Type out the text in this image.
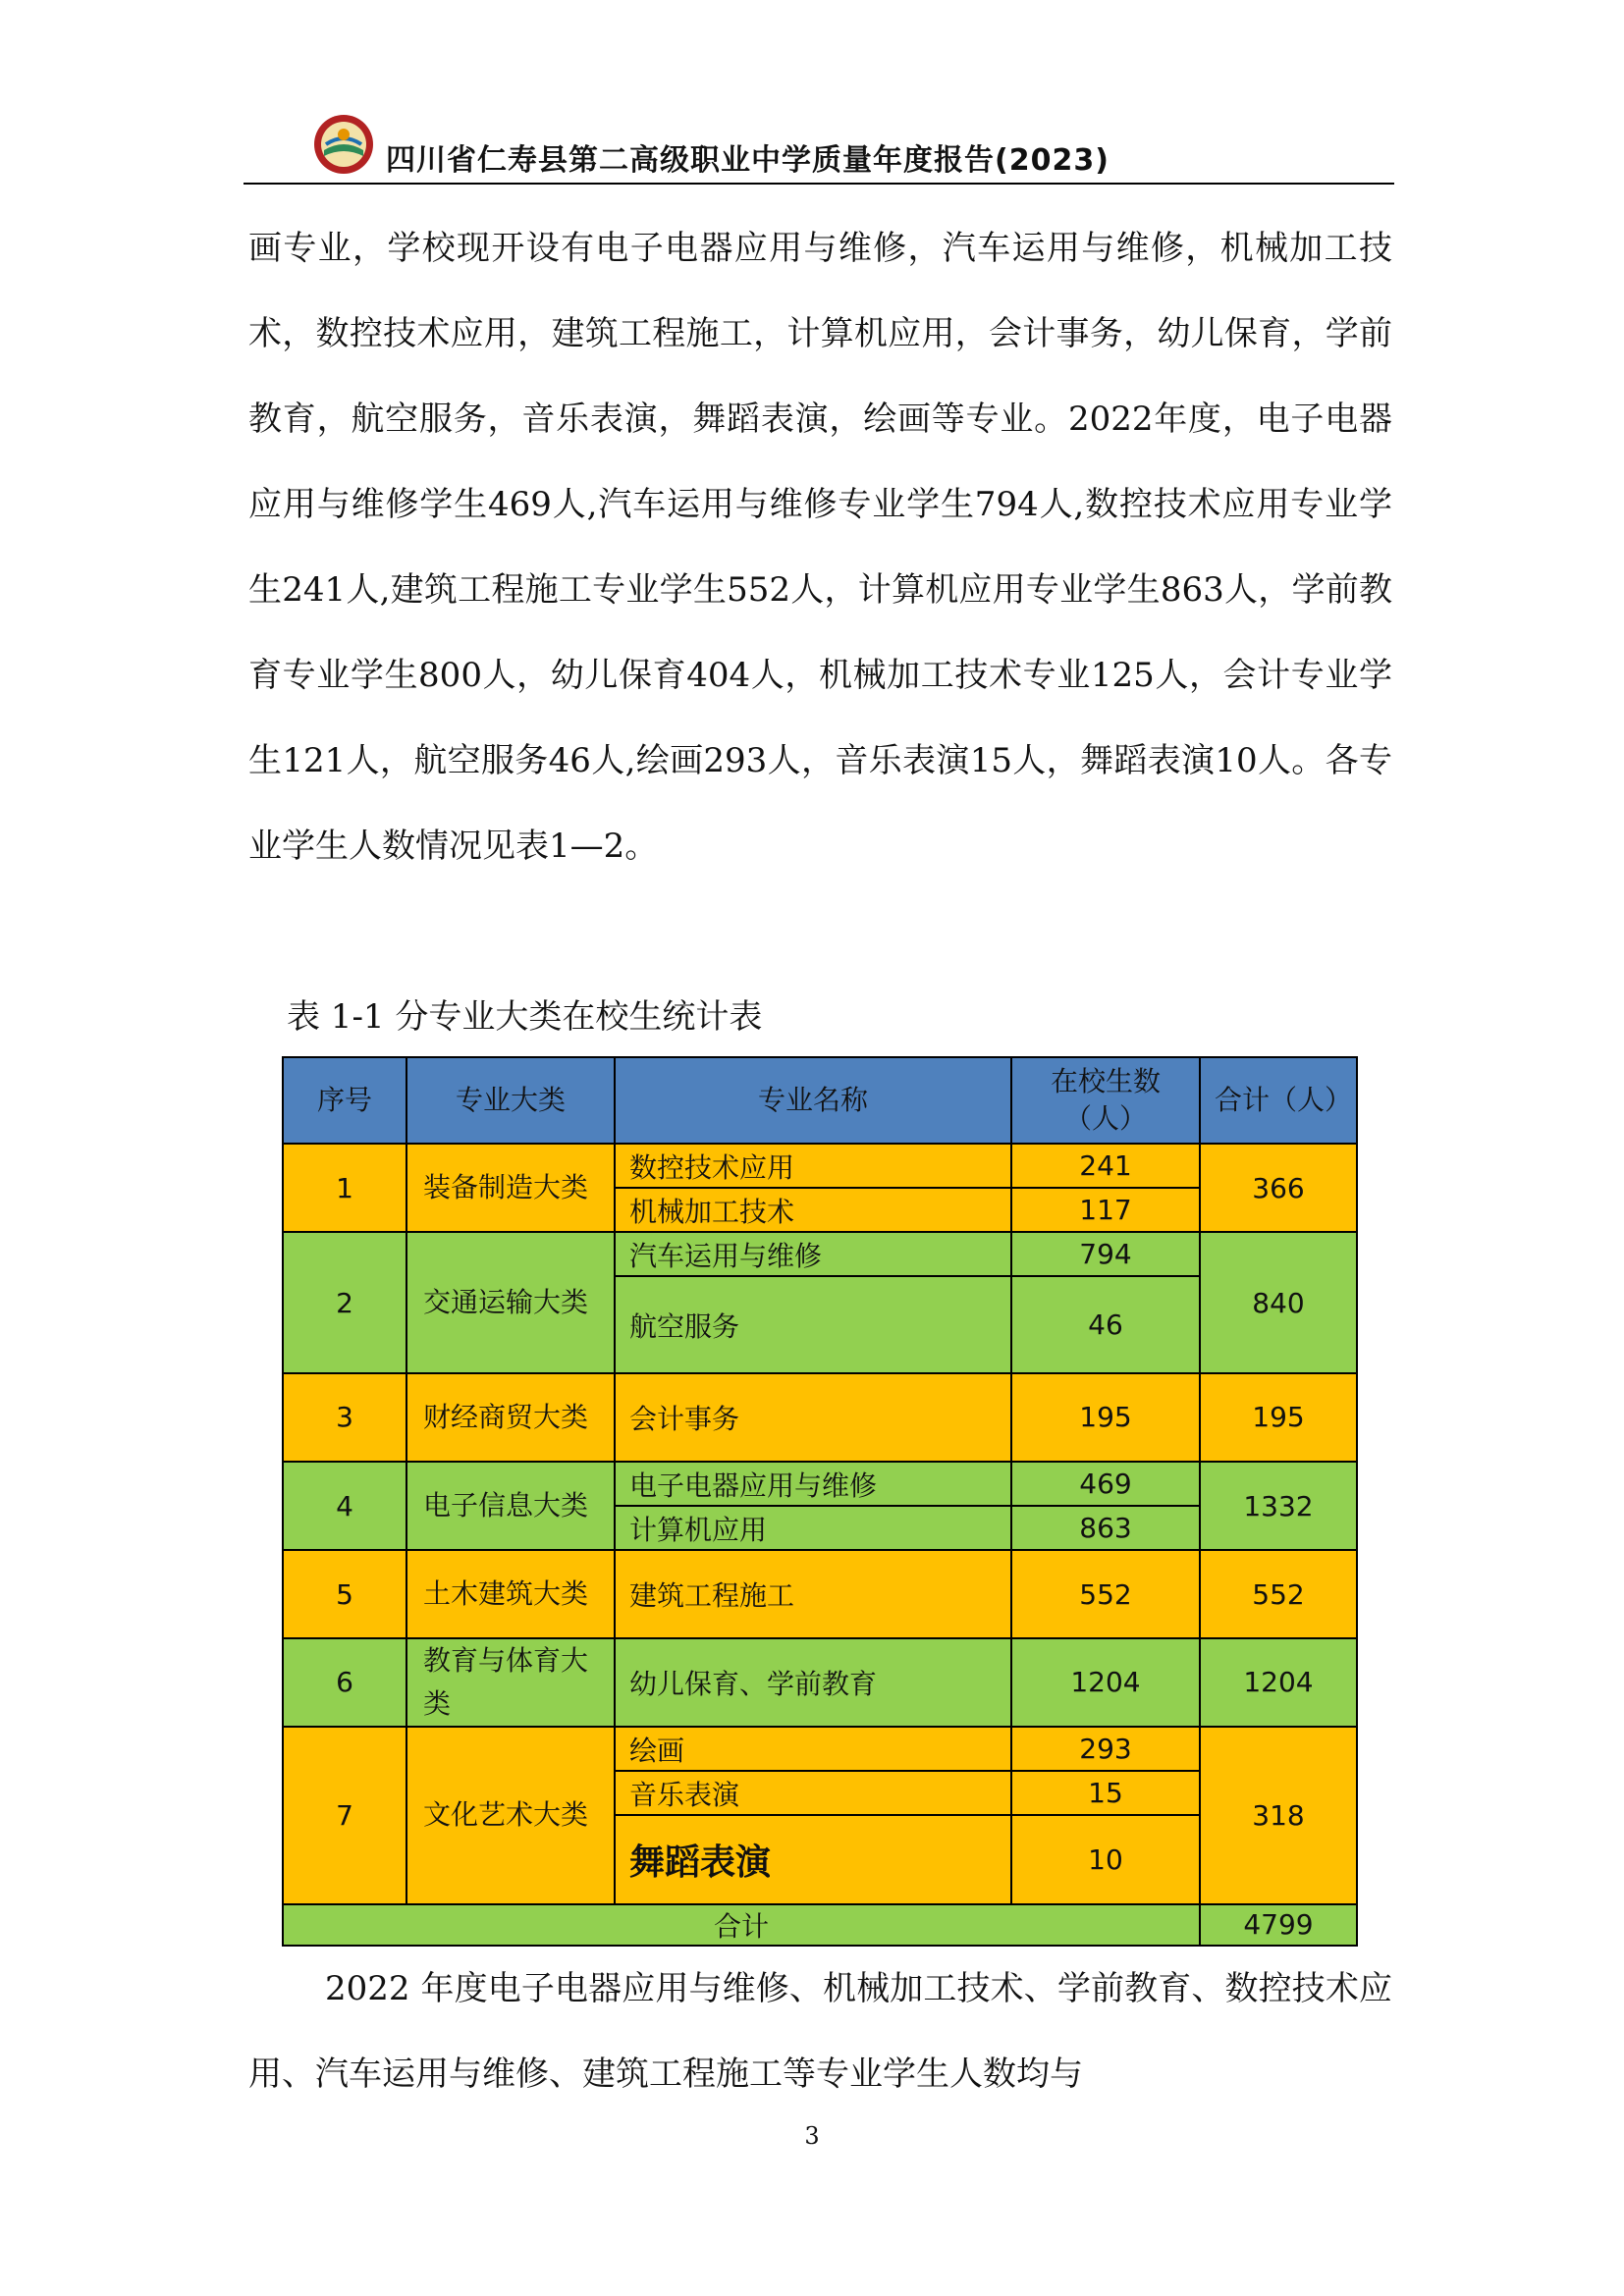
四川省仁寿县第二高级职业中学质量年度报告(2023)

画专业，学校现开设有电子电器应用与维修，汽车运用与维修，机械加工技术，数控技术应用，建筑工程施工，计算机应用，会计事务，幼儿保育，学前教育，航空服务，音乐表演，舞蹈表演，绘画等专业。2022年度，电子电器应用与维修学生469人,汽车运用与维修专业学生794人,数控技术应用专业学生241人,建筑工程施工专业学生552人，计算机应用专业学生863人，学前教育专业学生800人，幼儿保育404人，机械加工技术专业125人，会计专业学生121人，航空服务46人,绘画293人，音乐表演15人，舞蹈表演10人。各专业学生人数情况见表1—2。

表 1-1 分专业大类在校生统计表
序号	专业大类	专业名称	在校生数（人）	合计（人）
1	装备制造大类	数控技术应用	241	366
		机械加工技术	117	
2	交通运输大类	汽车运用与维修	794	840
		航空服务	46	
3	财经商贸大类	会计事务	195	195
4	电子信息大类	电子电器应用与维修	469	1332
		计算机应用	863	
5	土木建筑大类	建筑工程施工	552	552
6	教育与体育大类	幼儿保育、学前教育	1204	1204
7	文化艺术大类	绘画	293	318
		音乐表演	15	
		舞蹈表演	10	
合计				4799

2022 年度电子电器应用与维修、机械加工技术、学前教育、数控技术应用、汽车运用与维修、建筑工程施工等专业学生人数均与

3
